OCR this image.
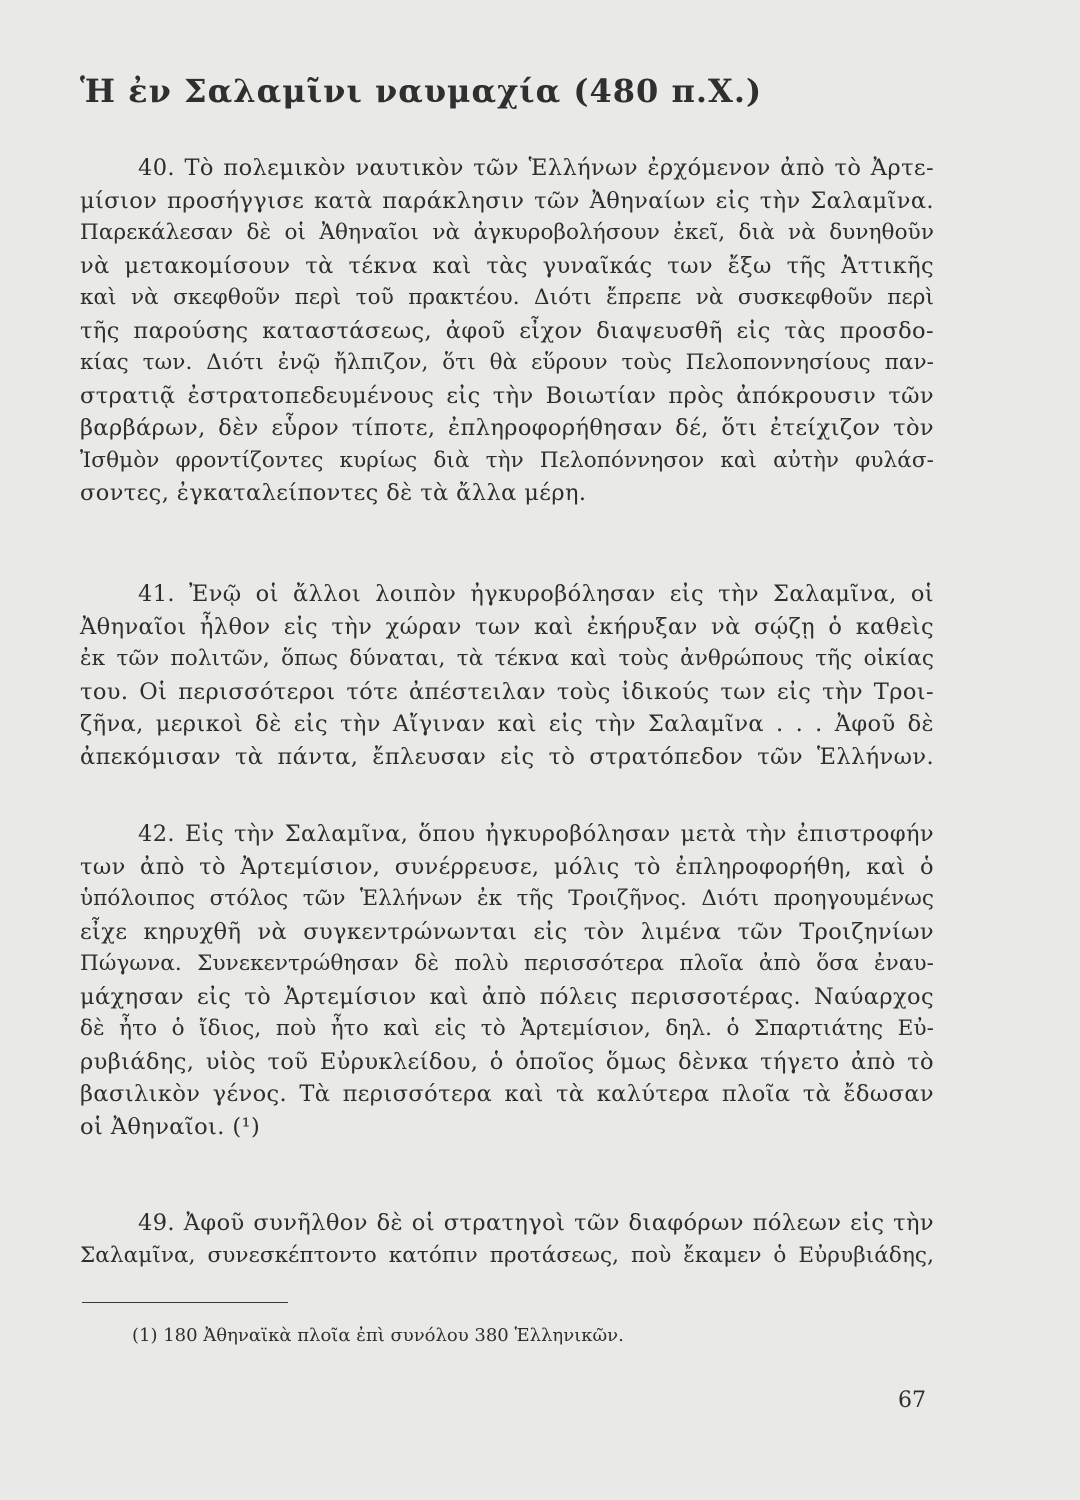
Ἡ ἐν Σαλαμῖνι ναυμαχία (480 π.Χ.)

40. Τὸ πολεμικὸν ναυτικὸν τῶν Ἑλλήνων ἐρχόμενον ἀπὸ τὸ Ἀρτε-
μίσιον προσήγγισε κατὰ παράκλησιν τῶν Ἀθηναίων εἰς τὴν Σαλαμῖνα.
Παρεκάλεσαν δὲ οἱ Ἀθηναῖοι νὰ ἀγκυροβολήσουν ἐκεῖ, διὰ νὰ δυνηθοῦν
νὰ μετακομίσουν τὰ τέκνα καὶ τὰς γυναῖκάς των ἔξω τῆς Ἀττικῆς
καὶ νὰ σκεφθοῦν περὶ τοῦ πρακτέου. Διότι ἔπρεπε νὰ συσκεφθοῦν περὶ
τῆς παρούσης καταστάσεως, ἀφοῦ εἶχον διαψευσθῆ εἰς τὰς προσδο-
κίας των. Διότι ἐνῷ ἤλπιζον, ὅτι θὰ εὕρουν τοὺς Πελοποννησίους παν-
στρατιᾷ ἐστρατοπεδευμένους εἰς τὴν Βοιωτίαν πρὸς ἀπόκρουσιν τῶν
βαρβάρων, δὲν εὗρον τίποτε, ἐπληροφορήθησαν δέ, ὅτι ἐτείχιζον τὸν
Ἰσθμὸν φροντίζοντες κυρίως διὰ τὴν Πελοπόννησον καὶ αὐτὴν φυλάσ-
σοντες, ἐγκαταλείποντες δὲ τὰ ἄλλα μέρη.

41. Ἐνῷ οἱ ἄλλοι λοιπὸν ἠγκυροβόλησαν εἰς τὴν Σαλαμῖνα, οἱ
Ἀθηναῖοι ἦλθον εἰς τὴν χώραν των καὶ ἐκήρυξαν νὰ σῴζῃ ὁ καθεὶς
ἐκ τῶν πολιτῶν, ὅπως δύναται, τὰ τέκνα καὶ τοὺς ἀνθρώπους τῆς οἰκίας
του. Οἱ περισσότεροι τότε ἀπέστειλαν τοὺς ἰδικούς των εἰς τὴν Τροι-
ζῆνα, μερικοὶ δὲ εἰς τὴν Αἴγιναν καὶ εἰς τὴν Σαλαμῖνα . . . Ἀφοῦ δὲ
ἀπεκόμισαν τὰ πάντα, ἔπλευσαν εἰς τὸ στρατόπεδον τῶν Ἑλλήνων.

42. Εἰς τὴν Σαλαμῖνα, ὅπου ἠγκυροβόλησαν μετὰ τὴν ἐπιστροφήν
των ἀπὸ τὸ Ἀρτεμίσιον, συνέρρευσε, μόλις τὸ ἐπληροφορήθη, καὶ ὁ
ὑπόλοιπος στόλος τῶν Ἑλλήνων ἐκ τῆς Τροιζῆνος. Διότι προηγουμένως
εἶχε κηρυχθῆ νὰ συγκεντρώνωνται εἰς τὸν λιμένα τῶν Τροιζηνίων
Πώγωνα. Συνεκεντρώθησαν δὲ πολὺ περισσότερα πλοῖα ἀπὸ ὅσα ἐναυ-
μάχησαν εἰς τὸ Ἀρτεμίσιον καὶ ἀπὸ πόλεις περισσοτέρας. Ναύαρχος
δὲ ἦτο ὁ ἴδιος, ποὺ ἦτο καὶ εἰς τὸ Ἀρτεμίσιον, δηλ. ὁ Σπαρτιάτης Εὐ-
ρυβιάδης, υἱὸς τοῦ Εὐρυκλείδου, ὁ ὁποῖος ὅμως δὲνκα τήγετο ἀπὸ τὸ
βασιλικὸν γένος. Τὰ περισσότερα καὶ τὰ καλύτερα πλοῖα τὰ ἔδωσαν
οἱ Ἀθηναῖοι. (¹)

49. Ἀφοῦ συνῆλθον δὲ οἱ στρατηγοὶ τῶν διαφόρων πόλεων εἰς τὴν
Σαλαμῖνα, συνεσκέπτοντο κατόπιν προτάσεως, ποὺ ἔκαμεν ὁ Εὐρυβιάδης,

(1) 180 Ἀθηναϊκὰ πλοῖα ἐπὶ συνόλου 380 Ἑλληνικῶν.

67
